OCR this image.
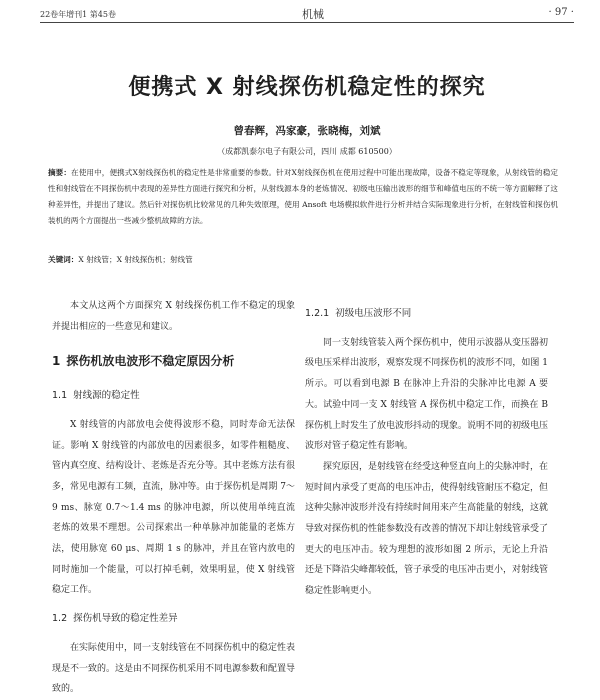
22卷年增刊1 第45卷	机械	· 97 ·
便携式 X 射线探伤机稳定性的探究
曾春辉，冯家豪，张晓梅，刘斌
（成都凯泰尔电子有限公司，四川 成都 610500）
摘要：在使用中，便携式X射线探伤机的稳定性是非常重要的参数。针对X射线探伤机在使用过程中可能出现故障，设备不稳定等现象，从射线管的稳定性和射线管在不同探伤机中表现的差异性方面进行探究和分析，从射线源本身的老炼情况、初级电压输出波形的细节和峰值电压的不统一等方面解释了这种差异性，并提出了建议。然后针对探伤机比较常见的几种失效原理，使用 Ansoft 电场模拟软件进行分析并结合实际现象进行分析，在射线管和探伤机装机的两个方面提出一些减少整机故障的方法。
关键词：X 射线管；X 射线探伤机；射线管

本文从这两个方面探究 X 射线探伤机工作不稳定的现象并提出相应的一些意见和建议。

1 探伤机放电波形不稳定原因分析
1.1 射线源的稳定性

X 射线管的内部放电会使得波形不稳，同时寿命无法保证。影响 X 射线管的内部放电的因素很多，如零件粗糙度、管内真空度、结构设计、老炼是否充分等。其中老炼方法有很多，常见电源有工频，直流，脉冲等。由于探伤机是周期 7～9 ms、脉宽 0.7～1.4 ms 的脉冲电源，所以使用单纯直流老炼的效果不理想。公司探索出一种单脉冲加能量的老炼方法，使用脉宽 60 μs、周期 1 s 的脉冲，并且在管内放电的同时施加一个能量，可以打掉毛刺，效果明显，使 X 射线管稳定工作。

1.2 探伤机导致的稳定性差异

在实际使用中，同一支射线管在不同探伤机中的稳定性表现是不一致的。这是由不同探伤机采用不同电源参数和配置导致的。

1.2.1 初级电压波形不同

同一支射线管装入两个探伤机中，使用示波器从变压器初级电压采样出波形，观察发现不同探伤机的波形不同，如图 1 所示。可以看到电源 B 在脉冲上升沿的尖脉冲比电源 A 要大。试验中同一支 X 射线管 A 探伤机中稳定工作，而换在 B 探伤机上时发生了放电波形抖动的现象。说明不同的初级电压波形对管子稳定性有影响。

探究原因，是射线管在经受这种竖直向上的尖脉冲时，在短时间内承受了更高的电压冲击，使得射线管耐压不稳定，但这种尖脉冲波形并没有持续时间用来产生高能量的射线，这就导致对探伤机的性能参数没有改善的情况下却让射线管承受了更大的电压冲击。较为理想的波形如图 2 所示，无论上升沿还是下降沿尖峰都较低，管子承受的电压冲击更小，对射线管稳定性影响更小。
